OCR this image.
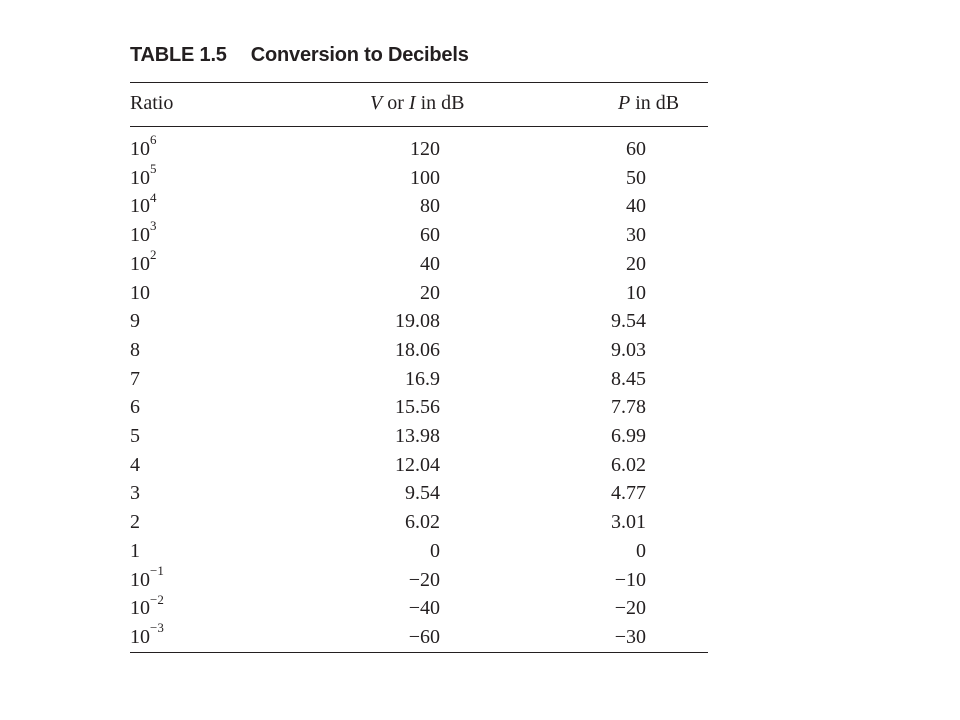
TABLE 1.5 Conversion to Decibels
Ratio	V or I in dB	P in dB
$10^6$	120		60
$10^5$	100		50
$10^4$	80		40
$10^3$	60		30
$10^2$	40		20
10	20		10
9	19.08		9.54
8	18.06		9.03
7	16.9		8.45
6	15.56		7.78
5	13.98		6.99
4	12.04		6.02
3	9.54		4.77
2	6.02		3.01
1	0		0
$10^{-1}$	−20		−10
$10^{-2}$	−40		−20
$10^{-3}$	−60		−30
